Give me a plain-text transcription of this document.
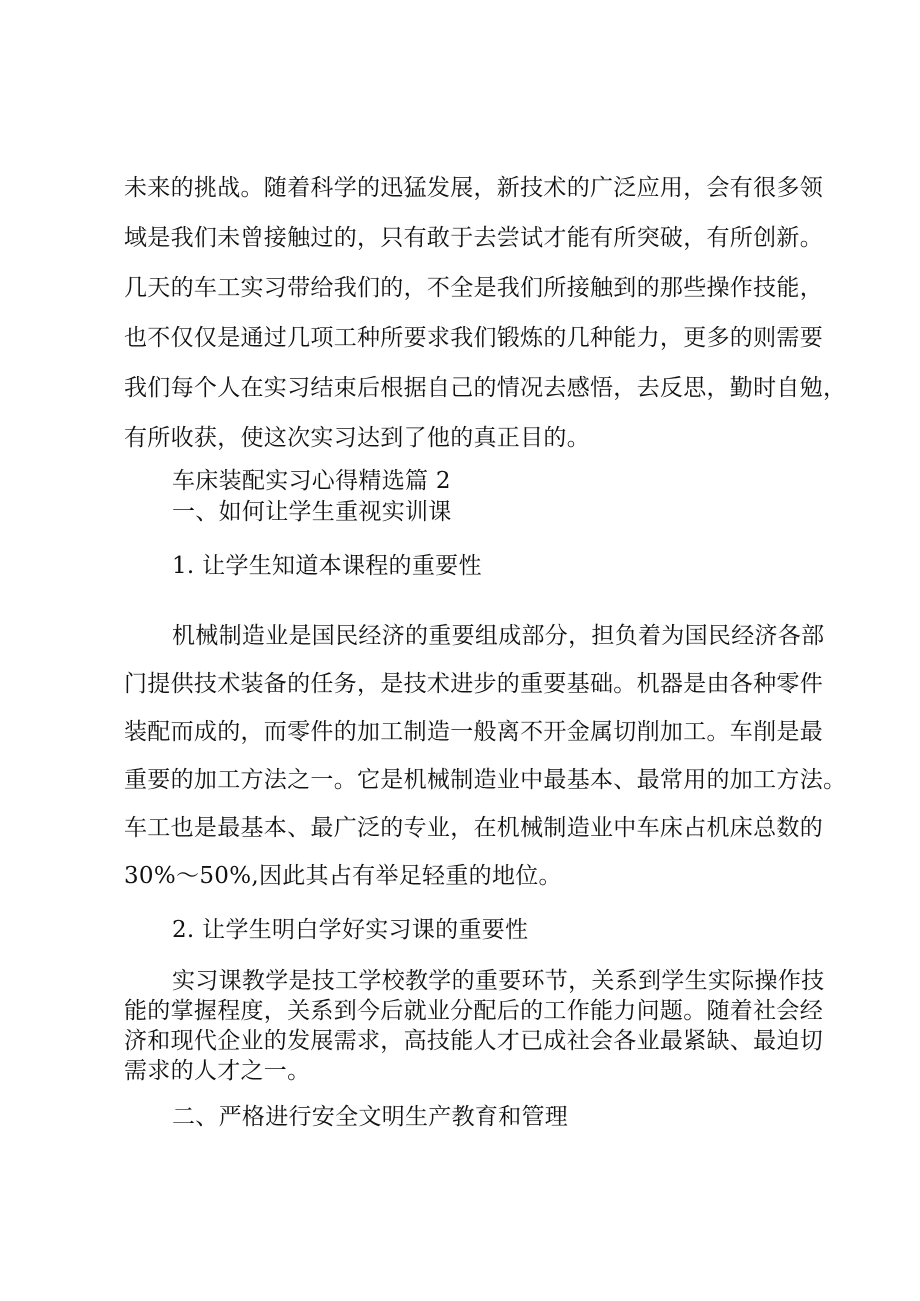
未来的挑战。随着科学的迅猛发展，新技术的广泛应用，会有很多领
域是我们未曾接触过的，只有敢于去尝试才能有所突破，有所创新。
几天的车工实习带给我们的，不全是我们所接触到的那些操作技能，
也不仅仅是通过几项工种所要求我们锻炼的几种能力，更多的则需要
我们每个人在实习结束后根据自己的情况去感悟，去反思，勤时自勉，
有所收获，使这次实习达到了他的真正目的。
车床装配实习心得精选篇 2
一、如何让学生重视实训课
1. 让学生知道本课程的重要性
机械制造业是国民经济的重要组成部分，担负着为国民经济各部
门提供技术装备的任务，是技术进步的重要基础。机器是由各种零件
装配而成的，而零件的加工制造一般离不开金属切削加工。车削是最
重要的加工方法之一。它是机械制造业中最基本、最常用的加工方法。
车工也是最基本、最广泛的专业，在机械制造业中车床占机床总数的
30%～50%,因此其占有举足轻重的地位。
2. 让学生明白学好实习课的重要性
实习课教学是技工学校教学的重要环节，关系到学生实际操作技
能的掌握程度，关系到今后就业分配后的工作能力问题。随着社会经
济和现代企业的发展需求，高技能人才已成社会各业最紧缺、最迫切
需求的人才之一。
二、严格进行安全文明生产教育和管理
